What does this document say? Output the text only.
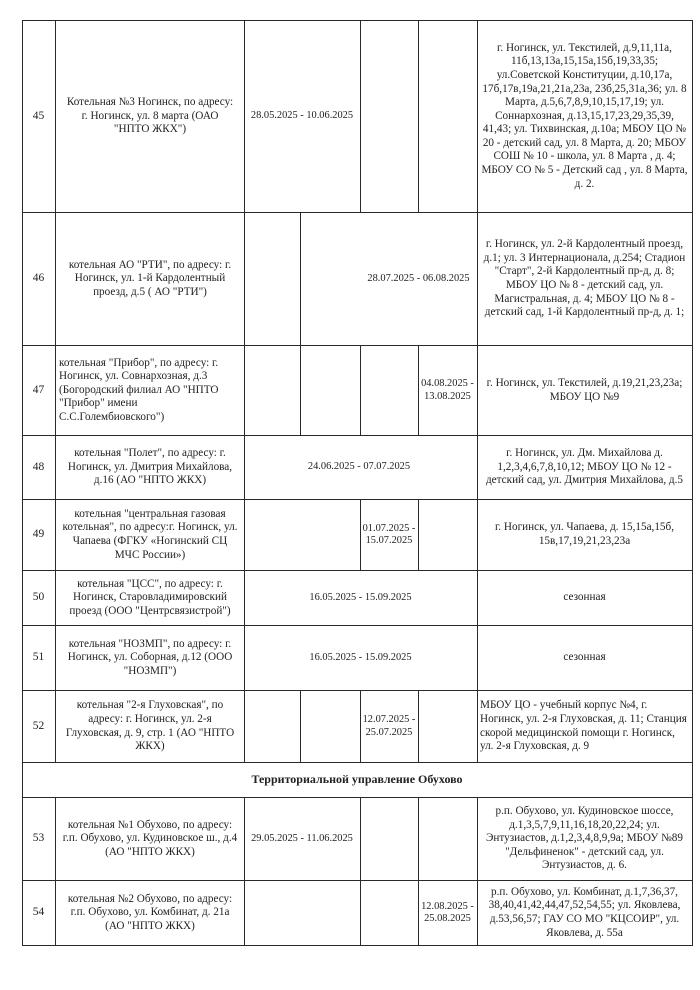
45
Котельная №3 Ногинск, по адресу: г. Ногинск, ул. 8 марта (ОАО "НПТО ЖКХ")
28.05.2025 - 10.06.2025
г. Ногинск, ул. Текстилей, д.9,11,11а, 11б,13,13а,15,15а,15б,19,33,35; ул.Советской Конституции, д.10,17а, 17б,17в,19а,21,21а,23а, 23б,25,31а,36; ул. 8 Марта, д.5,6,7,8,9,10,15,17,19; ул. Соннархозная, д.13,15,17,23,29,35,39, 41,43; ул. Тихвинская, д.10а; МБОУ ЦО № 20 - детский сад, ул. 8 Марта, д. 20; МБОУ СОШ № 10 - школа, ул. 8 Марта , д. 4; МБОУ СО № 5 - Детский сад , ул. 8 Марта, д. 2.
46
котельная АО "РТИ", по адресу: г. Ногинск, ул. 1-й Кардолентный проезд, д.5 ( АО "РТИ")
28.07.2025 - 06.08.2025
г. Ногинск, ул. 2-й Кардолентный проезд, д.1; ул. 3 Интернационала, д.254; Стадион "Старт", 2-й Кардолентный пр-д, д. 8; МБОУ ЦО № 8 - детский сад, ул. Магистральная, д. 4; МБОУ ЦО № 8 - детский сад, 1-й Кардолентный пр-д, д. 1;
47
котельная "Прибор", по адресу: г. Ногинск, ул. Совнархозная, д.3 (Богородский филиал АО "НПТО "Прибор" имени С.С.Голембиовского")
04.08.2025 - 13.08.2025
г. Ногинск, ул. Текстилей, д.19,21,23,23а; МБОУ ЦО №9
48
котельная "Полет", по адресу: г. Ногинск, ул. Дмитрия Михайлова, д.16 (АО "НПТО ЖКХ)
24.06.2025 - 07.07.2025
г. Ногинск, ул. Дм. Михайлова д. 1,2,3,4,6,7,8,10,12; МБОУ ЦО № 12 - детский сад, ул. Дмитрия Михайлова, д.5
49
котельная "центральная газовая котельная", по адресу:г. Ногинск, ул. Чапаева (ФГКУ «Ногинский СЦ МЧС России»)
01.07.2025 - 15.07.2025
г. Ногинск, ул. Чапаева, д. 15,15а,15б, 15в,17,19,21,23,23а
50
котельная "ЦСС", по адресу: г. Ногинск, Старовладимировский проезд (ООО "Центрсвязистрой")
16.05.2025 - 15.09.2025	сезонная
51
котельная "НОЗМП", по адресу: г. Ногинск, ул. Соборная, д.12 (ООО "НОЗМП")
16.05.2025 - 15.09.2025	сезонная
52
котельная "2-я Глуховская", по адресу: г. Ногинск, ул. 2-я Глуховская, д. 9, стр. 1 (АО "НПТО ЖКХ)
12.07.2025 - 25.07.2025
МБОУ ЦО - учебный корпус №4, г. Ногинск, ул. 2-я Глуховская, д. 11; Станция скорой медицинской помощи г. Ногинск, ул. 2-я Глуховская, д. 9
Территориальной управление Обухово
53
котельная №1 Обухово, по адресу: г.п. Обухово, ул. Кудиновское ш., д.4 (АО "НПТО ЖКХ)
29.05.2025 - 11.06.2025
р.п. Обухово, ул. Кудиновское шоссе, д.1,3,5,7,9,11,16,18,20,22,24; ул. Энтузиастов, д.1,2,3,4,8,9,9а; МБОУ №89 "Дельфиненок" - детский сад, ул. Энтузиастов, д. 6.
54
котельная №2 Обухово, по адресу: г.п. Обухово, ул. Комбинат, д. 21а (АО "НПТО ЖКХ)
12.08.2025 - 25.08.2025
р.п. Обухово, ул. Комбинат, д.1,7,36,37, 38,40,41,42,44,47,52,54,55; ул. Яковлева, д.53,56,57; ГАУ СО МО "КЦСОИР", ул. Яковлева, д. 55а
